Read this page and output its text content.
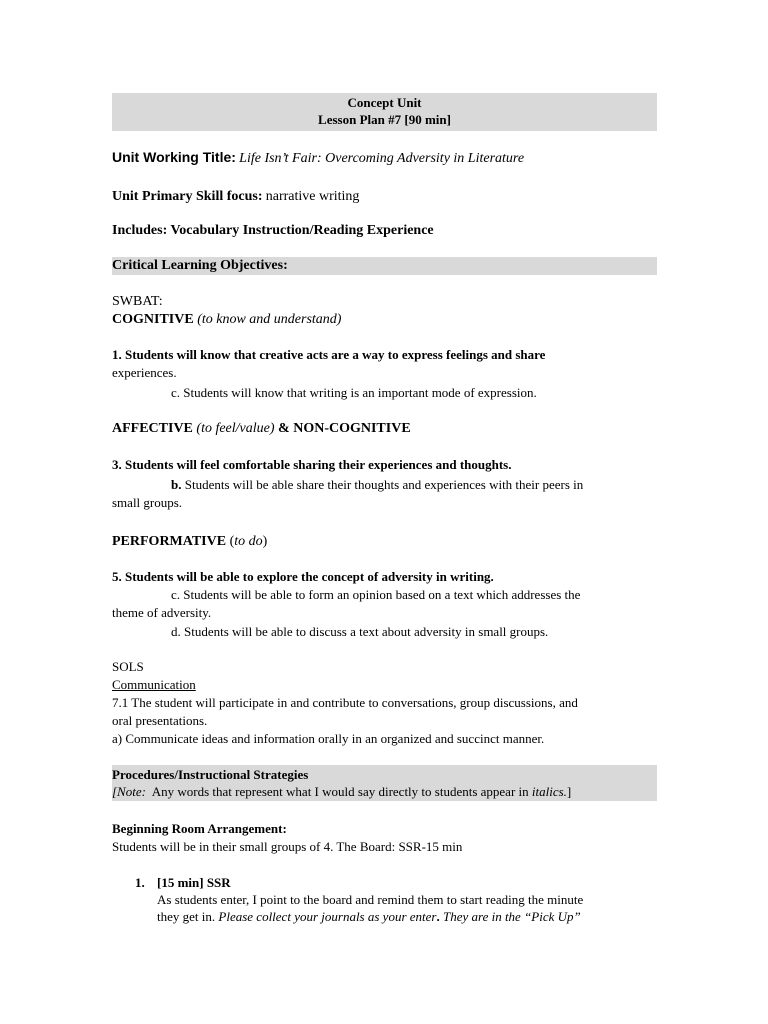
Concept Unit
Lesson Plan #7 [90 min]
Unit Working Title: Life Isn’t Fair: Overcoming Adversity in Literature
Unit Primary Skill focus: narrative writing
Includes: Vocabulary Instruction/Reading Experience
Critical Learning Objectives:
SWBAT:
COGNITIVE (to know and understand)
1. Students will know that creative acts are a way to express feelings and share
experiences.
c. Students will know that writing is an important mode of expression.
AFFECTIVE (to feel/value) & NON-COGNITIVE
3. Students will feel comfortable sharing their experiences and thoughts.
b. Students will be able share their thoughts and experiences with their peers in
small groups.
PERFORMATIVE (to do)
5. Students will be able to explore the concept of adversity in writing.
c. Students will be able to form an opinion based on a text which addresses the
theme of adversity.
d. Students will be able to discuss a text about adversity in small groups.
SOLS
Communication
7.1 The student will participate in and contribute to conversations, group discussions, and
oral presentations.
a) Communicate ideas and information orally in an organized and succinct manner.
Procedures/Instructional Strategies
[Note:  Any words that represent what I would say directly to students appear in italics.]
Beginning Room Arrangement:
Students will be in their small groups of 4. The Board: SSR-15 min
1. [15 min] SSR
As students enter, I point to the board and remind them to start reading the minute
they get in. Please collect your journals as your enter. They are in the “Pick Up”
